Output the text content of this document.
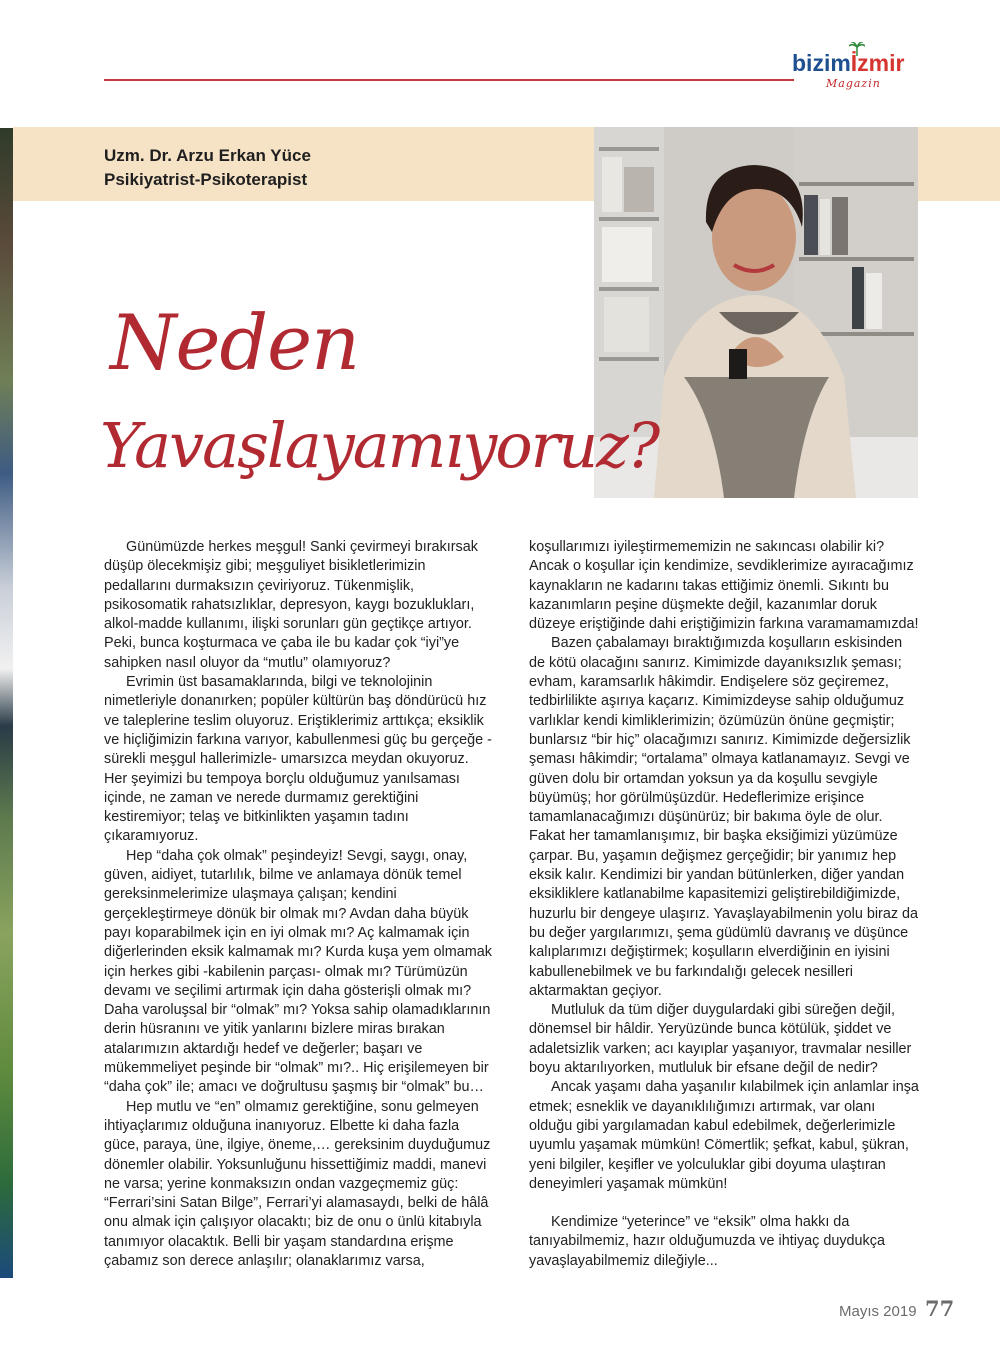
bizimİzmir
Magazin
Uzm. Dr. Arzu Erkan Yüce
Psikiyatrist-Psikoterapist
Neden
Yavaşlayamıyoruz?

Günümüzde herkes meşgul! Sanki çevirmeyi bırakırsak düşüp ölecekmişiz gibi; meşguliyet bisikletlerimizin pedallarını durmaksızın çeviriyoruz. Tükenmişlik, psikosomatik rahatsızlıklar, depresyon, kaygı bozuklukları, alkol-madde kullanımı, ilişki sorunları gün geçtikçe artıyor. Peki, bunca koşturmaca ve çaba ile bu kadar çok “iyi”ye sahipken nasıl oluyor da “mutlu” olamıyoruz?

Evrimin üst basamaklarında, bilgi ve teknolojinin nimetleriyle donanırken; popüler kültürün baş döndürücü hız ve taleplerine teslim oluyoruz. Eriştiklerimiz arttıkça; eksiklik ve hiçliğimizin farkına varıyor, kabullenmesi güç bu gerçeğe -sürekli meşgul hallerimizle- umarsızca meydan okuyoruz. Her şeyimizi bu tempoya borçlu olduğumuz yanılsaması içinde, ne zaman ve nerede durmamız gerektiğini kestiremiyor; telaş ve bitkinlikten yaşamın tadını çıkaramıyoruz.

Hep “daha çok olmak” peşindeyiz! Sevgi, saygı, onay, güven, aidiyet, tutarlılık, bilme ve anlamaya dönük temel gereksinmelerimize ulaşmaya çalışan; kendini gerçekleştirmeye dönük bir olmak mı? Avdan daha büyük payı koparabilmek için en iyi olmak mı? Aç kalmamak için diğerlerinden eksik kalmamak mı? Kurda kuşa yem olmamak için herkes gibi -kabilenin parçası- olmak mı? Türümüzün devamı ve seçilimi artırmak için daha gösterişli olmak mı? Daha varoluşsal bir “olmak” mı? Yoksa sahip olamadıklarının derin hüsranını ve yitik yanlarını bizlere miras bırakan atalarımızın aktardığı hedef ve değerler; başarı ve mükemmeliyet peşinde bir “olmak” mı?.. Hiç erişilemeyen bir “daha çok” ile; amacı ve doğrultusu şaşmış bir “olmak” bu…

Hep mutlu ve “en” olmamız gerektiğine, sonu gelmeyen ihtiyaçlarımız olduğuna inanıyoruz. Elbette ki daha fazla güce, paraya, üne, ilgiye, öneme,… gereksinim duyduğumuz dönemler olabilir. Yoksunluğunu hissettiğimiz maddi, manevi ne varsa; yerine konmaksızın ondan vazgeçmemiz güç: “Ferrari’sini Satan Bilge”, Ferrari’yi alamasaydı, belki de hâlâ onu almak için çalışıyor olacaktı; biz de onu o ünlü kitabıyla tanımıyor olacaktık. Belli bir yaşam standardına erişme çabamız son derece anlaşılır; olanaklarımız varsa,

koşullarımızı iyileştirmememizin ne sakıncası olabilir ki? Ancak o koşullar için kendimize, sevdiklerimize ayıracağımız kaynakların ne kadarını takas ettiğimiz önemli. Sıkıntı bu kazanımların peşine düşmekte değil, kazanımlar doruk düzeye eriştiğinde dahi eriştiğimizin farkına varamamamızda!

Bazen çabalamayı bıraktığımızda koşulların eskisinden de kötü olacağını sanırız. Kimimizde dayanıksızlık şeması; evham, karamsarlık hâkimdir. Endişelere söz geçiremez, tedbirlilikte aşırıya kaçarız. Kimimizdeyse sahip olduğumuz varlıklar kendi kimliklerimizin; özümüzün önüne geçmiştir; bunlarsız “bir hiç” olacağımızı sanırız. Kimimizde değersizlik şeması hâkimdir; “ortalama” olmaya katlanamayız. Sevgi ve güven dolu bir ortamdan yoksun ya da koşullu sevgiyle büyümüş; hor görülmüşüzdür. Hedeflerimize erişince tamamlanacağımızı düşünürüz; bir bakıma öyle de olur. Fakat her tamamlanışımız, bir başka eksiğimizi yüzümüze çarpar. Bu, yaşamın değişmez gerçeğidir; bir yanımız hep eksik kalır. Kendimizi bir yandan bütünlerken, diğer yandan eksikliklere katlanabilme kapasitemizi geliştirebildiğimizde, huzurlu bir dengeye ulaşırız. Yavaşlayabilmenin yolu biraz da bu değer yargılarımızı, şema güdümlü davranış ve düşünce kalıplarımızı değiştirmek; koşulların elverdiğinin en iyisini kabullenebilmek ve bu farkındalığı gelecek nesilleri aktarmaktan geçiyor.

Mutluluk da tüm diğer duygulardaki gibi süreğen değil, dönemsel bir hâldir. Yeryüzünde bunca kötülük, şiddet ve adaletsizlik varken; acı kayıplar yaşanıyor, travmalar nesiller boyu aktarılıyorken, mutluluk bir efsane değil de nedir?

Ancak yaşamı daha yaşanılır kılabilmek için anlamlar inşa etmek; esneklik ve dayanıklılığımızı artırmak, var olanı olduğu gibi yargılamadan kabul edebilmek, değerlerimizle uyumlu yaşamak mümkün! Cömertlik; şefkat, kabul, şükran, yeni bilgiler, keşifler ve yolculuklar gibi doyuma ulaştıran deneyimleri yaşamak mümkün!

Kendimize “yeterince” ve “eksik” olma hakkı da tanıyabilmemiz, hazır olduğumuzda ve ihtiyaç duydukça yavaşlayabilmemiz dileğiyle...

Mayıs 2019 77
